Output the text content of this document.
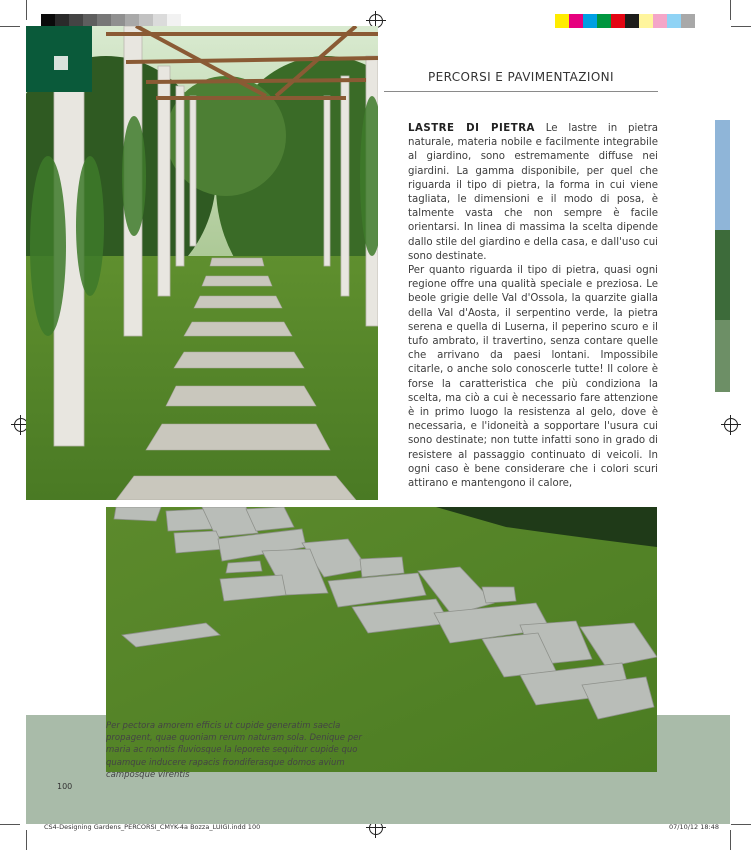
PERCORSI E PAVIMENTAZIONI

LASTRE DI PIETRA Le lastre in pietra naturale, materia nobile e facilmente integrabile al giardino, sono estremamente diffuse nei giardini. La gamma disponibile, per quel che riguarda il tipo di pietra, la forma in cui viene tagliata, le dimensioni e il modo di posa, è talmente vasta che non sempre è facile orientarsi. In linea di massima la scelta dipende dallo stile del giardino e della casa, e dall'uso cui sono destinate.

Per quanto riguarda il tipo di pietra, quasi ogni regione offre una qualità speciale e preziosa. Le beole grigie delle Val d'Ossola, la quarzite gialla della Val d'Aosta, il serpentino verde, la pietra serena e quella di Luserna, il peperino scuro e il tufo ambrato, il travertino, senza contare quelle che arrivano da paesi lontani. Impossibile citarle, o anche solo conoscerle tutte! Il colore è forse la caratteristica che più condiziona la scelta, ma ciò a cui è necessario fare attenzione è in primo luogo la resistenza al gelo, dove è necessaria, e l'idoneità a sopportare l'usura cui sono destinate; non tutte infatti sono in grado di resistere al passaggio continuato di veicoli. In ogni caso è bene considerare che i colori scuri attirano e mantengono il calore,

Per pectora amorem efficis ut cupide generatim saecla propagent, quae quoniam rerum naturam sola. Denique per maria ac montis fluviosque la leporete sequitur cupide quo quamque inducere rapacis frondiferasque domos avium camposque virentis
100
CS4-Designing Gardens_PERCORSI_CMYK-4a Bozza_LUIGI.indd 100	07/10/12 18:48
